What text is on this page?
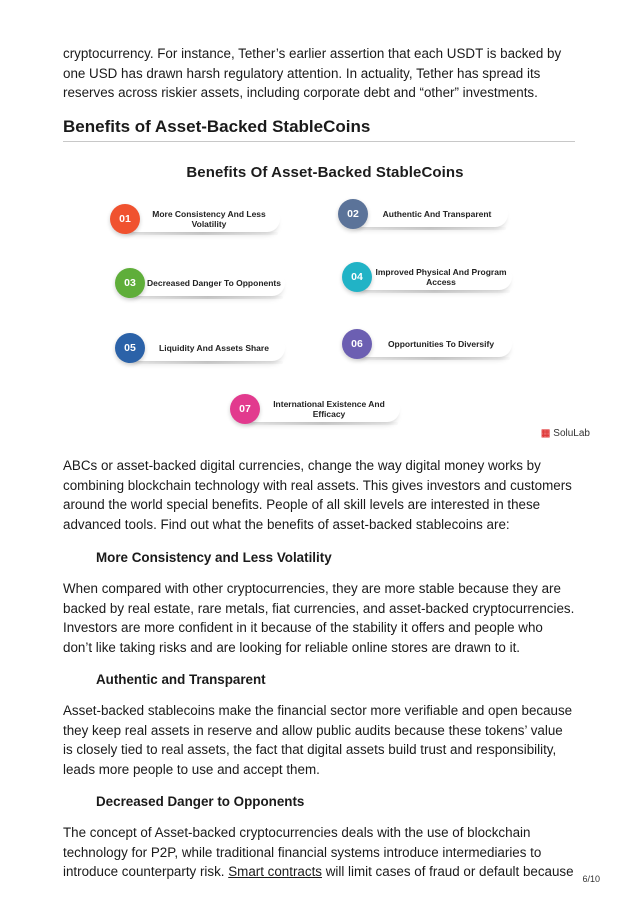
cryptocurrency. For instance, Tether’s earlier assertion that each USDT is backed by one USD has drawn harsh regulatory attention. In actuality, Tether has spread its reserves across riskier assets, including corporate debt and “other” investments.

Benefits of Asset-Backed StableCoins
Benefits Of Asset-Backed StableCoins
01	More Consistency And Less Volatility
02	Authentic And Transparent
03	Decreased Danger To Opponents	04	Improved Physical And Program Access
05	Liquidity And Assets Share	06	Opportunities To Diversify
07	International Existence And Efficacy
▦ SoluLab

ABCs or asset-backed digital currencies, change the way digital money works by combining blockchain technology with real assets. This gives investors and customers around the world special benefits. People of all skill levels are interested in these advanced tools. Find out what the benefits of asset-backed stablecoins are:

More Consistency and Less Volatility

When compared with other cryptocurrencies, they are more stable because they are backed by real estate, rare metals, fiat currencies, and asset-backed cryptocurrencies. Investors are more confident in it because of the stability it offers and people who don’t like taking risks and are looking for reliable online stores are drawn to it.

Authentic and Transparent

Asset-backed stablecoins make the financial sector more verifiable and open because they keep real assets in reserve and allow public audits because these tokens’ value is closely tied to real assets, the fact that digital assets build trust and responsibility, leads more people to use and accept them.

Decreased Danger to Opponents

The concept of Asset-backed cryptocurrencies deals with the use of blockchain technology for P2P, while traditional financial systems introduce intermediaries to introduce counterparty risk. Smart contracts will limit cases of fraud or default because 6/10
